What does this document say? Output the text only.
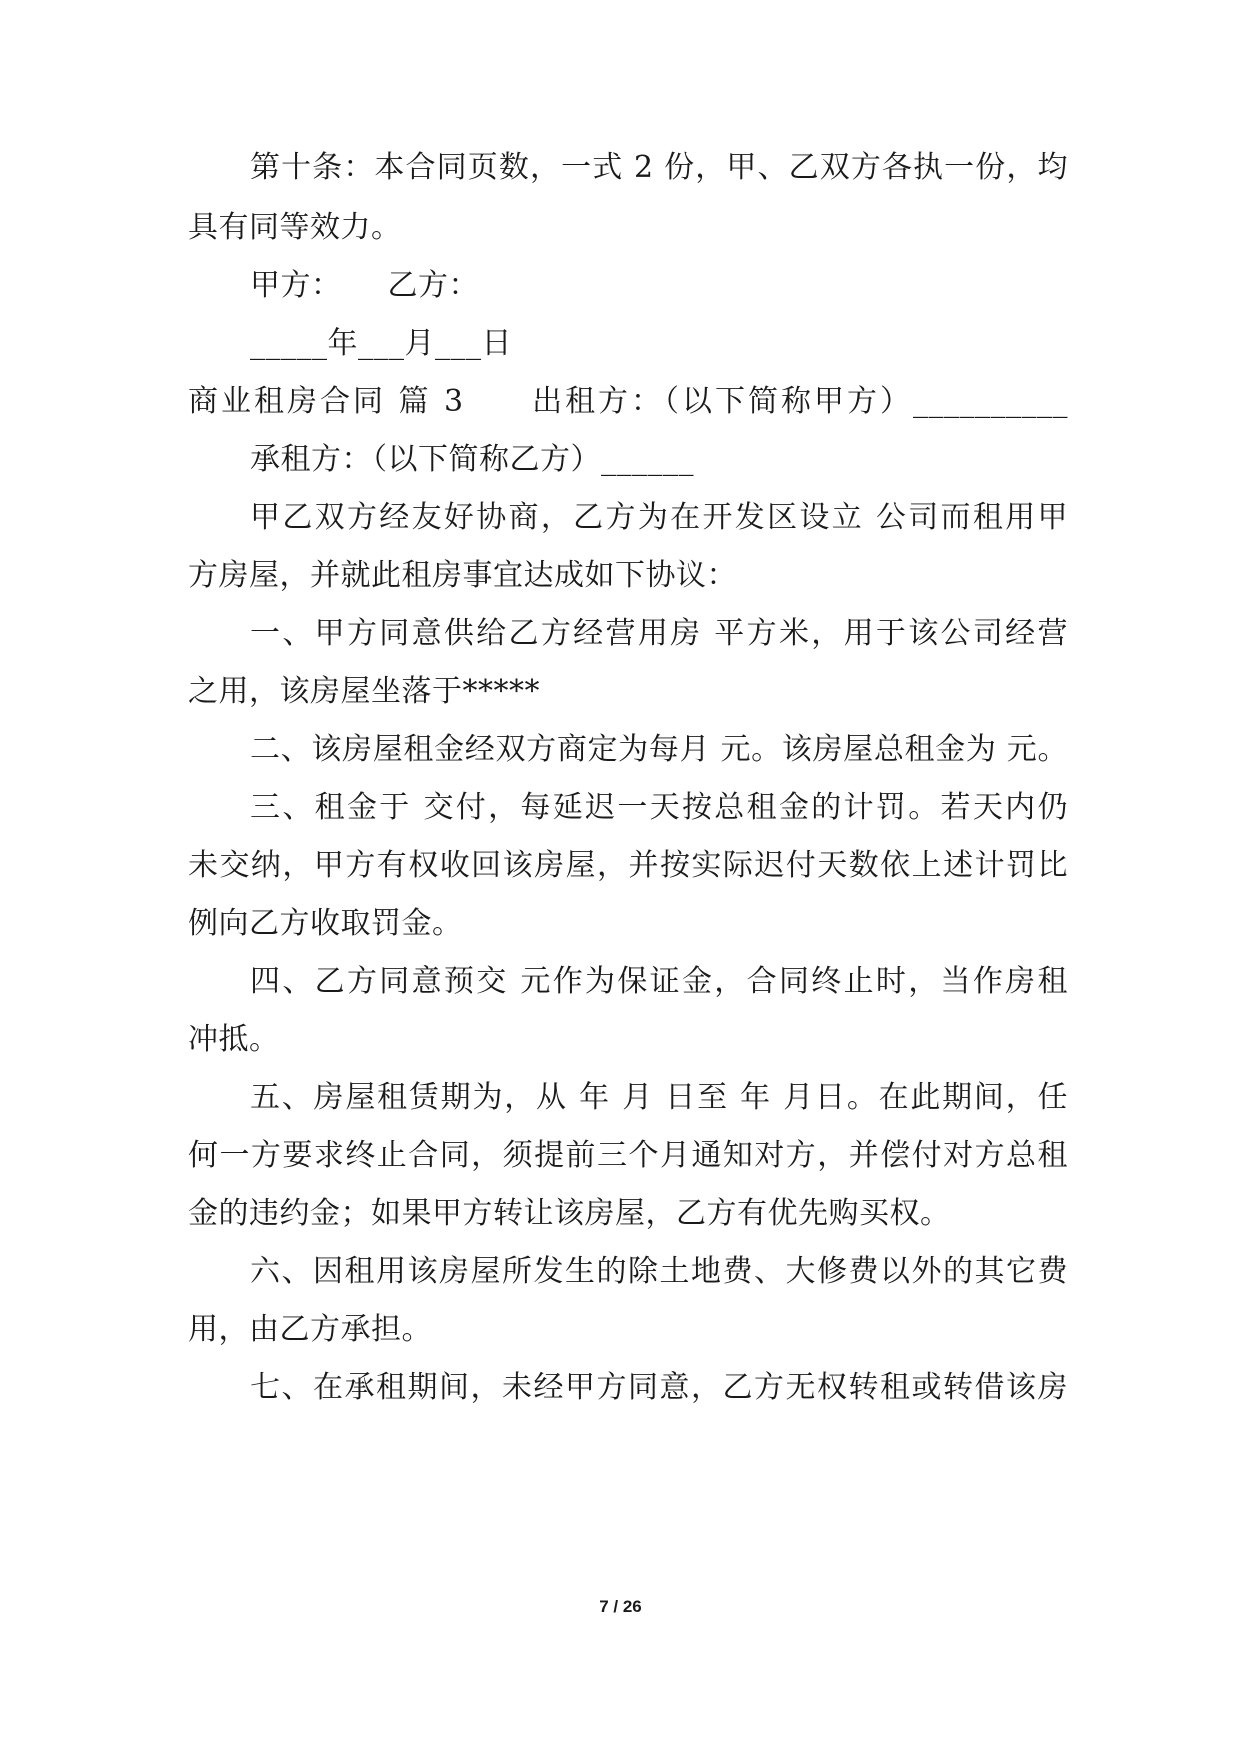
第十条：本合同页数，一式 2 份，甲、乙双方各执一份，均
具有同等效力。
甲方：　　乙方：
_____年___月___日
商业租房合同 篇 3　　出租方：（以下简称甲方）__________
承租方：（以下简称乙方）______
甲乙双方经友好协商，乙方为在开发区设立 公司而租用甲
方房屋，并就此租房事宜达成如下协议：
一、甲方同意供给乙方经营用房 平方米，用于该公司经营
之用，该房屋坐落于*****
二、该房屋租金经双方商定为每月 元。该房屋总租金为 元。
三、租金于 交付，每延迟一天按总租金的计罚。若天内仍
未交纳，甲方有权收回该房屋，并按实际迟付天数依上述计罚比
例向乙方收取罚金。
四、乙方同意预交 元作为保证金，合同终止时，当作房租
冲抵。
五、房屋租赁期为，从 年 月 日至 年 月日。在此期间，任
何一方要求终止合同，须提前三个月通知对方，并偿付对方总租
金的违约金；如果甲方转让该房屋，乙方有优先购买权。
六、因租用该房屋所发生的除土地费、大修费以外的其它费
用，由乙方承担。
七、在承租期间，未经甲方同意，乙方无权转租或转借该房
7 / 26
